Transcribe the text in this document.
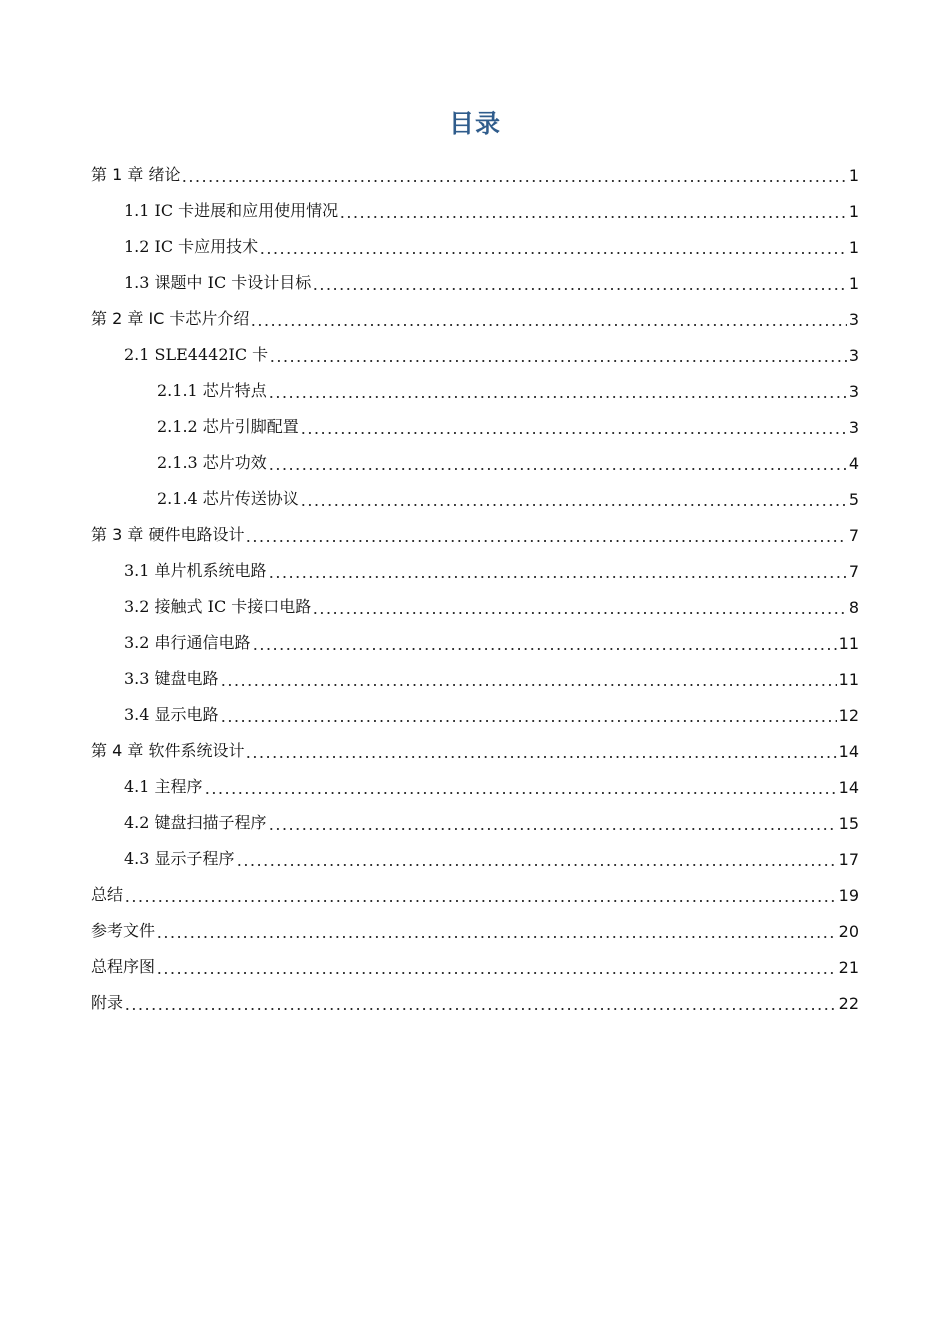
目录
第 1 章 绪论	1
1.1 IC 卡进展和应用使用情况	1
1.2 IC 卡应用技术	1
1.3 课题中 IC 卡设计目标	1
第 2 章 IC 卡芯片介绍	3
2.1 SLE4442IC 卡	3
2.1.1 芯片特点	3
2.1.2 芯片引脚配置	3
2.1.3 芯片功效	4
2.1.4 芯片传送协议	5
第 3 章 硬件电路设计	7
3.1 单片机系统电路	7
3.2 接触式 IC 卡接口电路	8
3.2 串行通信电路	11
3.3 键盘电路	11
3.4 显示电路	12
第 4 章 软件系统设计	14
4.1 主程序	14
4.2 键盘扫描子程序	15
4.3 显示子程序	17
总结	19
参考文件	20
总程序图	21
附录	22
